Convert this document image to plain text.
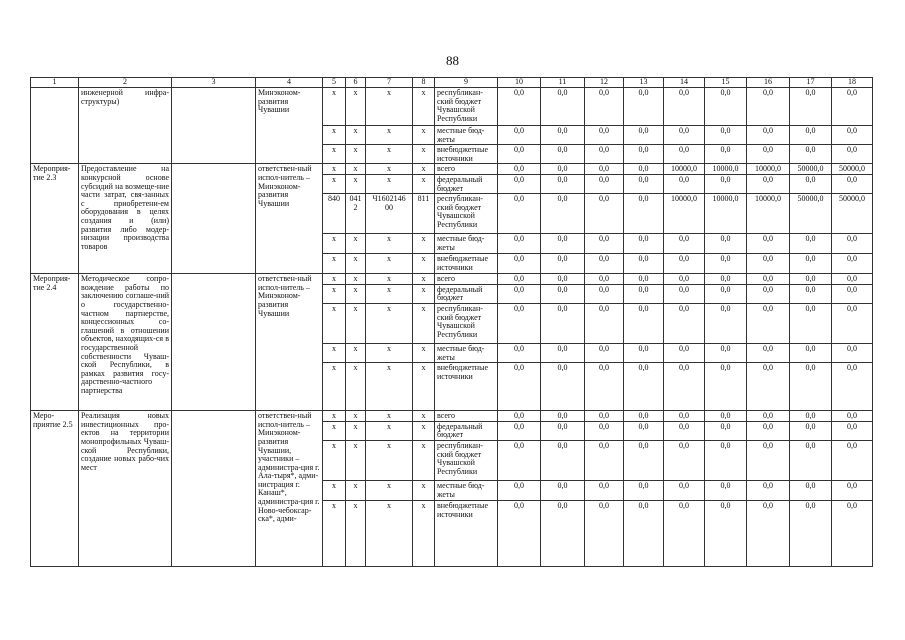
88
1	2	3	4	5	6	7	8	9	10	11	12	13	14	15	16	17	18
	инженерной инфра-структуры)		Минэконом-развития Чувашии	х	х	х	х	республикан-ский бюджет Чувашской Республики	0,0	0,0	0,0	0,0	0,0	0,0	0,0	0,0	0,0
				х	х	х	х	местные бюд-жеты	0,0	0,0	0,0	0,0	0,0	0,0	0,0	0,0	0,0
				х	х	х	х	внебюджетные источники	0,0	0,0	0,0	0,0	0,0	0,0	0,0	0,0	0,0
Мероприя-тие 2.3	Предоставление на конкурсной основе субсидий на возмеще-ние части затрат, свя-занных с приобретени-ем оборудования в целях создания и (или) развития либо модер-низации производства товаров		ответствен-ный испол-нитель – Минэконом-развития Чувашии	х	х	х	х	всего	0,0	0,0	0,0	0,0	10000,0	10000,0	10000,0	50000,0	50000,0
				х	х	х	х	федеральный бюджет	0,0	0,0	0,0	0,0	0,0	0,0	0,0	0,0	0,0
				840	0412	Ч1602146 00	811	республикан-ский бюджет Чувашской Республики	0,0	0,0	0,0	0,0	10000,0	10000,0	10000,0	50000,0	50000,0
				х	х	х	х	местные бюд-жеты	0,0	0,0	0,0	0,0	0,0	0,0	0,0	0,0	0,0
				х	х	х	х	внебюджетные источники	0,0	0,0	0,0	0,0	0,0	0,0	0,0	0,0	0,0
Мероприя-тие 2.4	Методическое сопро-вождение работы по заключению соглаше-ний о государственно-частном партнерстве, концессионных со-глашений в отношении объектов, находящих-ся в государственной собственности Чуваш-ской Республики, в рамках развития госу-дарственно-частного партнерства		ответствен-ный испол-нитель – Минэконом-развития Чувашии	х	х	х	х	всего	0,0	0,0	0,0	0,0	0,0	0,0	0,0	0,0	0,0
				х	х	х	х	федеральный бюджет	0,0	0,0	0,0	0,0	0,0	0,0	0,0	0,0	0,0
				х	х	х	х	республикан-ский бюджет Чувашской Республики	0,0	0,0	0,0	0,0	0,0	0,0	0,0	0,0	0,0
				х	х	х	х	местные бюд-жеты	0,0	0,0	0,0	0,0	0,0	0,0	0,0	0,0	0,0
				х	х	х	х	внебюджетные источники	0,0	0,0	0,0	0,0	0,0	0,0	0,0	0,0	0,0
Меро-приятие 2.5	Реализация новых инвестиционных про-ектов на территории монопрофильных Чуваш-ской Республики, создание новых рабо-чих мест		ответствен-ный испол-нитель – Минэконом-развития Чувашии, участники – администра-ция г. Ала-тыря*, адми-нистрация г. Канаш*, администра-ция г. Ново-чебоксар-ска*, адми-	х	х	х	х	всего	0,0	0,0	0,0	0,0	0,0	0,0	0,0	0,0	0,0
				х	х	х	х	федеральный бюджет	0,0	0,0	0,0	0,0	0,0	0,0	0,0	0,0	0,0
				х	х	х	х	республикан-ский бюджет Чувашской Республики	0,0	0,0	0,0	0,0	0,0	0,0	0,0	0,0	0,0
				х	х	х	х	местные бюд-жеты	0,0	0,0	0,0	0,0	0,0	0,0	0,0	0,0	0,0
				х	х	х	х	внебюджетные источники	0,0	0,0	0,0	0,0	0,0	0,0	0,0	0,0	0,0
